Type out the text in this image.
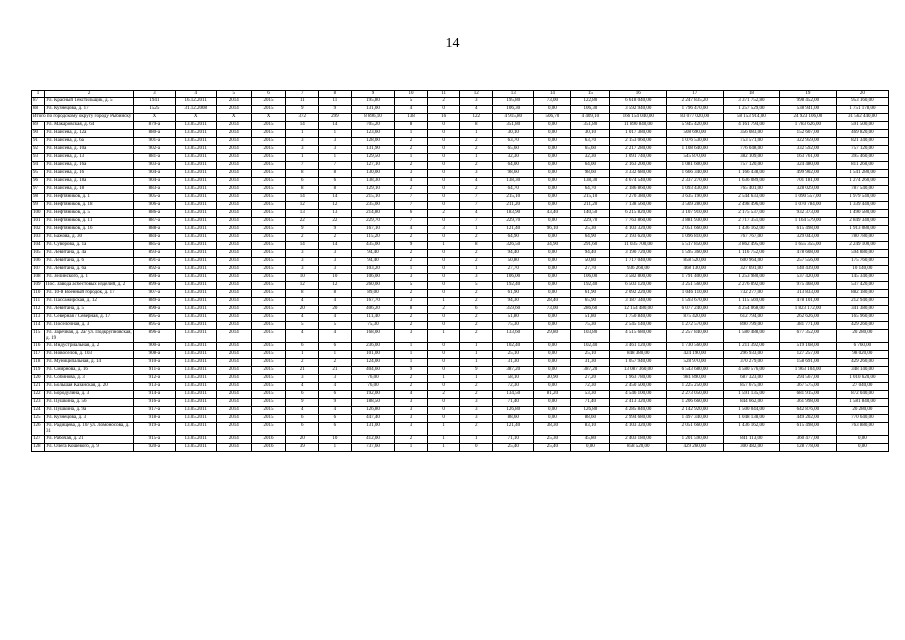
14
1	2	3	4	5	6	7	8	9	10	11	12	13	14	15	16	17	18	19	20
87	Ул. Красный Текстильщик, д. 5	1941	16.12.2011	2014	2015	11	11	195,80	5	2	3	195,80	73,00	122,80	6 618 040,00	2 247 835,20	3 371 752,80	998 452,00	953 160,00
88	Ул. Кузнецова, д. 17	1525	31.12.2008	2014	2015	9	9	131,00	4	0	4	106,30	0,00	106,30	3 592 940,00	1 796 470,00	1 257 529,00	538 941,00	1 751 178,00
Итого по городскому округу городу Рыбинску		X	X	X	X	372	299	8 896,10	138	16	122	4 915,80	506,70	4 409,10	166 154 040,00	83 077 020,00	58 153 914,00	24 923 106,00	31 562 440,00
89	Ул. Макаровская, д. 64	879-а	13.05.2011	2014	2015	14	14	705,20	8	0	8	351,80	0,00	351,80	11 890 840,00	5 945 420,00	4 161 794,00	1 783 626,00	591 500,00
90	Ул. Наисева, д. 12а	880-а	13.05.2011	2014	2015	1	1	123,60	1	0	1	30,10	0,00	30,10	1 017 380,00	508 690,00	356 083,00	152 607,00	469 820,00
91	Ул. Наисева, д. 6а	901-а	13.05.2011	2014	2015	3	3	128,00	2	0	2	63,70	0,00	63,70	2 153 060,00	1 076 530,00	753 571,00	322 959,00	821 340,00
92	Ул. Наисева, д. 10а	902-а	13.05.2011	2014	2015	3	3	131,90	2	0	2	65,60	0,00	65,60	2 217 280,00	1 108 640,00	776 048,00	332 592,00	757 120,00
93	Ул. Наисева, д. 13	881-а	13.05.2011	2014	2015	1	1	129,50	1	0	1	32,30	0,00	32,30	1 091 740,00	545 870,00	382 109,00	163 761,00	395 460,00
94	Ул. Наисева, д. 16а	903-а	13.05.2011	2014	2015	7	7	127,10	2	0	2	64,00	0,00	64,00	2 163 200,00	1 081 600,00	757 120,00	324 480,00	811 260,00
95	Ул. Наисева, д. 16	904-а	13.05.2011	2014	2015	8	8	130,00	3	0	3	98,60	0,00	98,60	3 332 680,00	1 666 340,00	1 166 438,00	499 902,00	1 541 280,00
96	Ул. Наисева, д. 18а	904-а	13.05.2011	2014	2015	6	6	138,30	4	0	4	138,30	0,00	138,30	4 674 540,00	2 337 270,00	1 636 089,00	701 181,00	1 274 260,00
97	Ул. Наисева, д. 18	883-а	13.05.2011	2014	2015	8	8	129,10	2	0	2	64,70	0,00	64,70	2 186 860,00	1 093 430,00	765 401,00	328 029,00	787 540,00
98	Ул. Нефтяников, д. 1	905-а	13.05.2011	2014	2015	14	14	215,10	7	0	7	215,10	0,00	215,10	7 270 380,00	3 635 190,00	2 544 633,00	1 090 557,00	1 979 540,00
99	Ул. Нефтяников, д. 18	906-а	13.05.2011	2014	2015	12	12	235,00	7	0	7	211,20	0,00	211,20	7 138 560,00	3 569 280,00	2 498 496,00	1 070 784,00	1 339 440,00
100	Ул. Нефтяников, д. 5	886-а	13.05.2011	2014	2015	13	13	214,80	6	2	4	183,90	43,40	140,50	6 215 820,00	3 107 910,00	2 175 537,00	932 373,00	1 490 580,00
101	Ул. Нефтяников, д. 11	887-а	13.05.2011	2014	2015	22	22	229,70	7	0	7	229,70	0,00	229,70	7 763 860,00	3 881 930,00	2 717 351,00	1 164 579,00	2 849 340,00
102	Ул. Нефтяников, д. 16	888-а	13.05.2011	2014	2015	9	9	167,10	4	3	1	121,40	96,10	25,30	4 103 320,00	2 051 660,00	1 436 162,00	615 498,00	1 913 080,00
103	Ул. Бажова, д. 30	884-а	13.05.2011	2014	2015	2	2	115,20	2	0	2	64,90	0,00	64,90	2 193 620,00	1 096 810,00	767 767,00	329 043,00	780 780,00
104	Ул. Суворова, д. 1а	885-а	13.05.2011	2014	2015	14	14	435,00	9	1	8	326,50	34,90	291,60	11 035 700,00	5 517 850,00	3 862 495,00	1 655 355,00	2 249 100,00
105	Ул. Левитана, д. 4а	893-а	13.05.2011	2014	2015	3	3	94,40	2	0	2	94,40	0,00	94,40	3 190 720,00	1 595 360,00	1 116 752,00	478 608,00	594 880,00
106	Ул. Левитана, д. 6	891-а	13.05.2011	2014	2015	3	3	94,40	2	0	2	50,80	0,00	50,80	1 717 040,00	858 520,00	600 964,00	257 556,00	175 760,00
107	Ул. Левитана, д. 6а	892-а	13.05.2011	2014	2015	3	3	103,20	1	0	1	27,70	0,00	27,70	936 260,00	468 130,00	327 691,00	140 439,00	10 140,00
108	Ул. Зелинского, д. 1	894-а	13.05.2011	2014	2015	10	10	106,00	3	0	3	106,00	0,00	106,00	3 582 800,00	1 791 400,00	1 253 980,00	537 420,00	145 340,00
109	Пос. Завода асбестовых изделий, д. 2	899-а	13.05.2011	2014	2015	12	12	260,00	5	0	5	192,40	0,00	192,40	6 503 120,00	3 251 560,00	2 276 092,00	975 468,00	537 420,00
110	Ул. 10-й Военный городок, д. 17	907-а	13.05.2011	2014	2015	8	8	89,00	2	0	2	61,90	0,00	61,90	2 092 220,00	1 046 110,00	732 277,00	313 833,00	882 180,00
111	Ул. Пассажирская, д. 12	889-а	13.05.2011	2014	2015	4	4	167,70	3	1	2	94,30	28,40	65,90	3 187 340,00	1 593 670,00	1 115 569,00	478 101,00	212 940,00
112	Ул. Левитана, д. 5	890-а	13.05.2011	2014	2015	20	20	406,20	8	2	6	359,60	73,00	286,60	12 154 480,00	6 077 240,00	4 254 068,00	1 823 172,00	341 380,00
113	Ул. Северная / Северная, д. 17	895-а	13.05.2011	2014	2015	4	4	111,40	2	0	2	51,80	0,00	51,80	1 750 840,00	875 420,00	612 794,00	262 626,00	165 960,00
114	Ул. Посёлочная, д. 3	895-а	13.05.2011	2014	2015	5	5	75,30	2	0	2	75,30	0,00	75,30	2 545 140,00	1 272 570,00	890 799,00	381 771,00	429 260,00
115	Ул. Заречная, д. 2а/ ул. Подкрупновская, д. 19	896-а	13.05.2011	2014	2015	4	4	168,00	3	1	2	133,60	29,80	103,80	4 515 680,00	2 257 840,00	1 580 488,00	677 352,00	20 280,00
116	Ул. Индустриальная, д. 2	900-а	13.05.2011	2014	2015	6	6	236,00	1	0	1	102,40	0,00	102,40	3 461 120,00	1 730 560,00	1 211 392,00	519 168,00	6 760,00
117	Ул. Новоселов, д. 103	908-а	13.05.2011	2014	2015	1	1	101,00	1	0	1	25,10	0,00	25,10	848 380,00	424 190,00	296 933,00	127 257,00	98 020,00
118	Ул. Муниципальная, д. 14	910-а	13.05.2011	2014	2015	2	2	124,00	1	0	1	31,30	0,00	31,30	1 057 940,00	528 970,00	370 279,00	158 691,00	429 260,00
119	Ул. Смирнова, д. 16	911-а	13.05.2011	2014	2015	21	21	404,60	9	0	9	387,20	0,00	387,20	13 087 360,00	6 543 680,00	4 580 576,00	1 963 104,00	348 140,00
120	Ул. Собинова, д. 3	912-а	13.05.2011	2014	2015	3	3	76,00	2	1	1	58,10	30,90	27,20	1 963 780,00	981 890,00	687 323,00	294 567,00	1 010 620,00
121	Ул. Большая Казанская, д. 20	913-а	13.05.2011	2014	2015	4	4	76,00	2	0	2	72,30	0,00	72,30	2 450 500,00	1 225 250,00	857 675,00	367 575,00	27 040,00
122	Ул. Бородулина, д. 3	914-а	13.05.2011	2014	2015	6	6	192,00	4	2	2	134,50	81,20	53,30	4 546 100,00	2 273 050,00	1 591 135,00	681 915,00	872 040,00
123	Ул. Пушкина, д. 56	916-а	13.05.2011	2014	2015	9	9	188,50	3	0	3	71,40	0,00	71,40	2 413 320,00	1 206 660,00	844 662,00	361 998,00	1 581 840,00
124	Ул. Пушкина, д. 9а	917-а	13.05.2011	2014	2015	4	4	126,80	3	0	3	126,80	0,00	126,80	4 285 840,00	2 142 920,00	1 500 044,00	642 876,00	20 280,00
125	Ул. Кузнецова, д. 3	918-а	13.05.2011	2014	2015	6	6	447,40	3	0	3	88,60	0,00	88,60	2 994 680,00	1 497 340,00	1 048 138,00	449 202,00	770 640,00
126	Ул. Радищева, д. 10/ ул. Ломоносова, д. 31	919-а	13.05.2011	2014	2015	6	6	131,00	3	1	2	121,40	38,30	83,10	4 103 320,00	2 051 660,00	1 436 162,00	615 498,00	763 880,00
127	Ул. Рабочая, д. 21	915-а	13.05.2011	2014	2016	20	10	412,00	2	1	1	71,10	25,30	45,80	2 403 180,00	1 201 590,00	841 113,00	360 477,00	0,00
128	Ул. Олега Кошевого, д. 9	920-а	13.05.2011	2014	2016	39	1	737,60	1	1	0	25,40	25,40	0,00	858 520,00	429 260,00	300 482,00	128 778,00	0,00
